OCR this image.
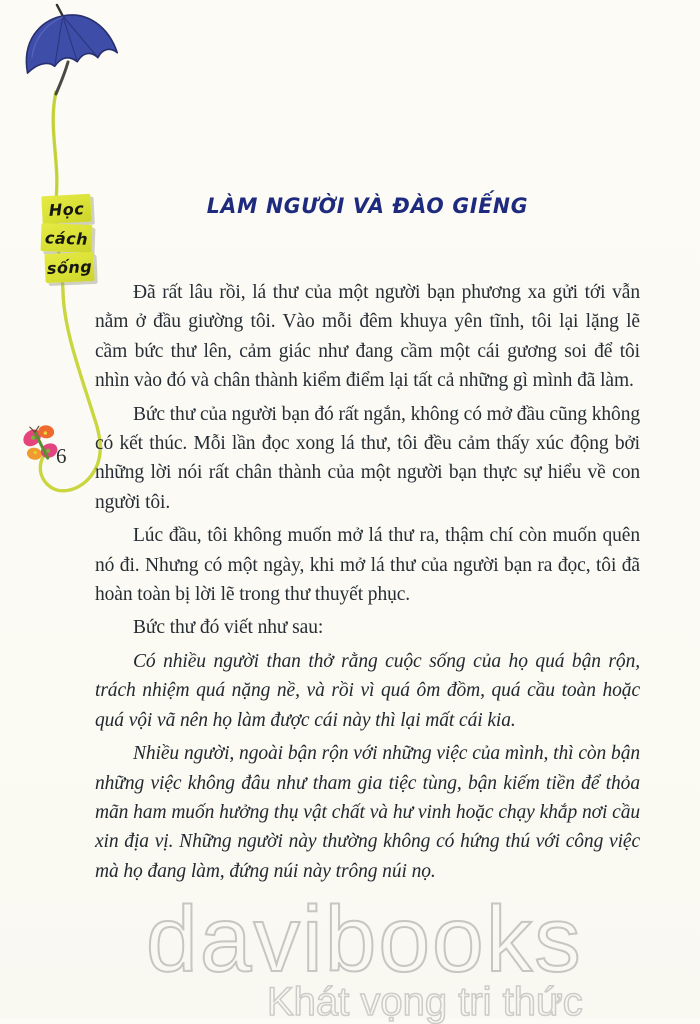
Học
cách
sống
6
LÀM NGƯỜI VÀ ĐÀO GIẾNG

Đã rất lâu rồi, lá thư của một người bạn phương xa gửi tới vẫn nằm ở đầu giường tôi. Vào mỗi đêm khuya yên tĩnh, tôi lại lặng lẽ cầm bức thư lên, cảm giác như đang cầm một cái gương soi để tôi nhìn vào đó và chân thành kiểm điểm lại tất cả những gì mình đã làm.

Bức thư của người bạn đó rất ngắn, không có mở đầu cũng không có kết thúc. Mỗi lần đọc xong lá thư, tôi đều cảm thấy xúc động bởi những lời nói rất chân thành của một người bạn thực sự hiểu về con người tôi.

Lúc đầu, tôi không muốn mở lá thư ra, thậm chí còn muốn quên nó đi. Nhưng có một ngày, khi mở lá thư của người bạn ra đọc, tôi đã hoàn toàn bị lời lẽ trong thư thuyết phục.

Bức thư đó viết như sau:

Có nhiều người than thở rằng cuộc sống của họ quá bận rộn, trách nhiệm quá nặng nề, và rồi vì quá ôm đồm, quá cầu toàn hoặc quá vội vã nên họ làm được cái này thì lại mất cái kia.

Nhiều người, ngoài bận rộn với những việc của mình, thì còn bận những việc không đâu như tham gia tiệc tùng, bận kiếm tiền để thỏa mãn ham muốn hưởng thụ vật chất và hư vinh hoặc chạy khắp nơi cầu xin địa vị. Những người này thường không có hứng thú với công việc mà họ đang làm, đứng núi này trông núi nọ.

davibooks
Khát vọng tri thức
